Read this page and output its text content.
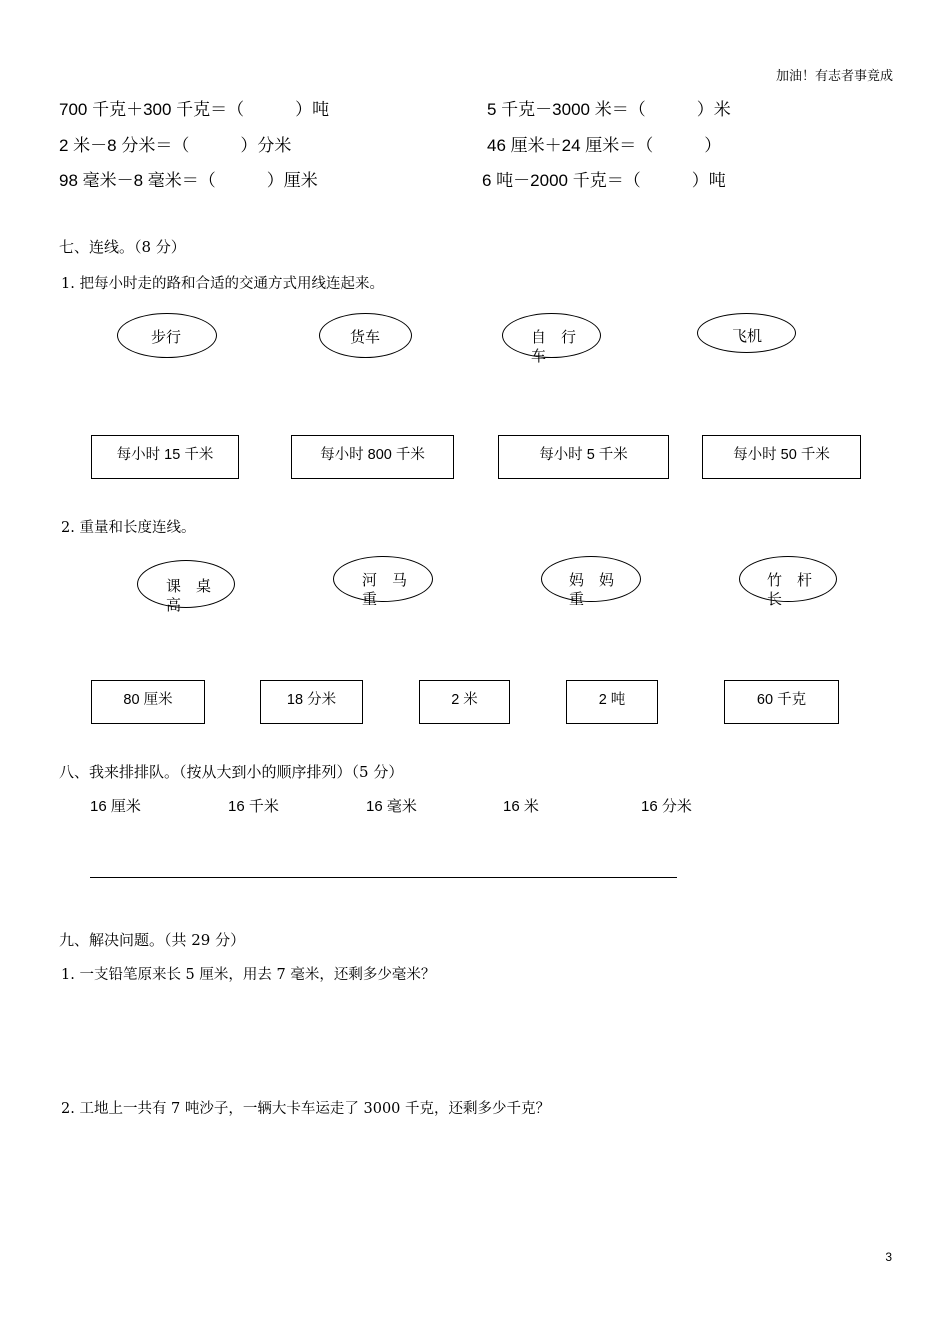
加油！有志者事竟成
700 千克＋300 千克＝（　　　）吨	5 千克－3000 米＝（　　　）米
2 米－8 分米＝（　　　）分米	46 厘米＋24 厘米＝（　　　）
98 毫米－8 毫米＝（　　　）厘米	6 吨－2000 千克＝（　　　）吨
七、连线。（8 分）
1. 把每小时走的路和合适的交通方式用线连起来。
步行	货车	自　行
车
飞机
每小时 15 千米	每小时 800 千米	每小时 5 千米	每小时 50 千米
2. 重量和长度连线。
课　桌
高
河　马
重
妈　妈
重
竹　杆
长
80 厘米	18 分米	2 米	2 吨	60 千克
八、我来排排队。（按从大到小的顺序排列）（5 分）
16 厘米	16 千米	16 毫米	16 米	16 分米
九、解决问题。（共 29 分）
1. 一支铅笔原来长 5 厘米，用去 7 毫米，还剩多少毫米？
2. 工地上一共有 7 吨沙子，一辆大卡车运走了 3000 千克，还剩多少千克？
3
